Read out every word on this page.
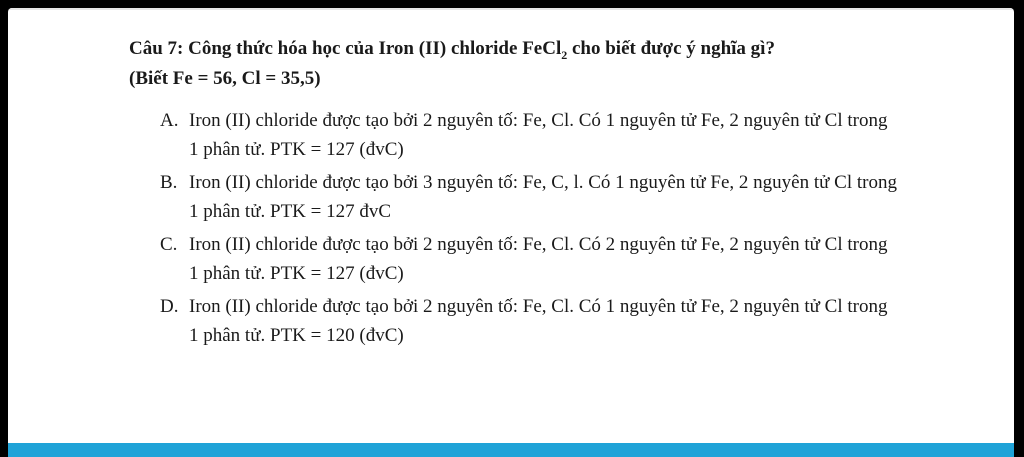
Câu 7: Công thức hóa học của Iron (II) chloride FeCl$_2$ cho biết được ý nghĩa gì?

(Biết Fe = 56, Cl = 35,5)

A. Iron (II) chloride được tạo bởi 2 nguyên tố: Fe, Cl. Có 1 nguyên tử Fe, 2 nguyên tử Cl trong 1 phân tử. PTK = 127 (đvC)
B. Iron (II) chloride được tạo bởi 3 nguyên tố: Fe, C, l. Có 1 nguyên tử Fe, 2 nguyên tử Cl trong 1 phân tử. PTK = 127 đvC
C. Iron (II) chloride được tạo bởi 2 nguyên tố: Fe, Cl. Có 2 nguyên tử Fe, 2 nguyên tử Cl trong 1 phân tử. PTK = 127 (đvC)
D. Iron (II) chloride được tạo bởi 2 nguyên tố: Fe, Cl. Có 1 nguyên tử Fe, 2 nguyên tử Cl trong 1 phân tử. PTK = 120 (đvC)
